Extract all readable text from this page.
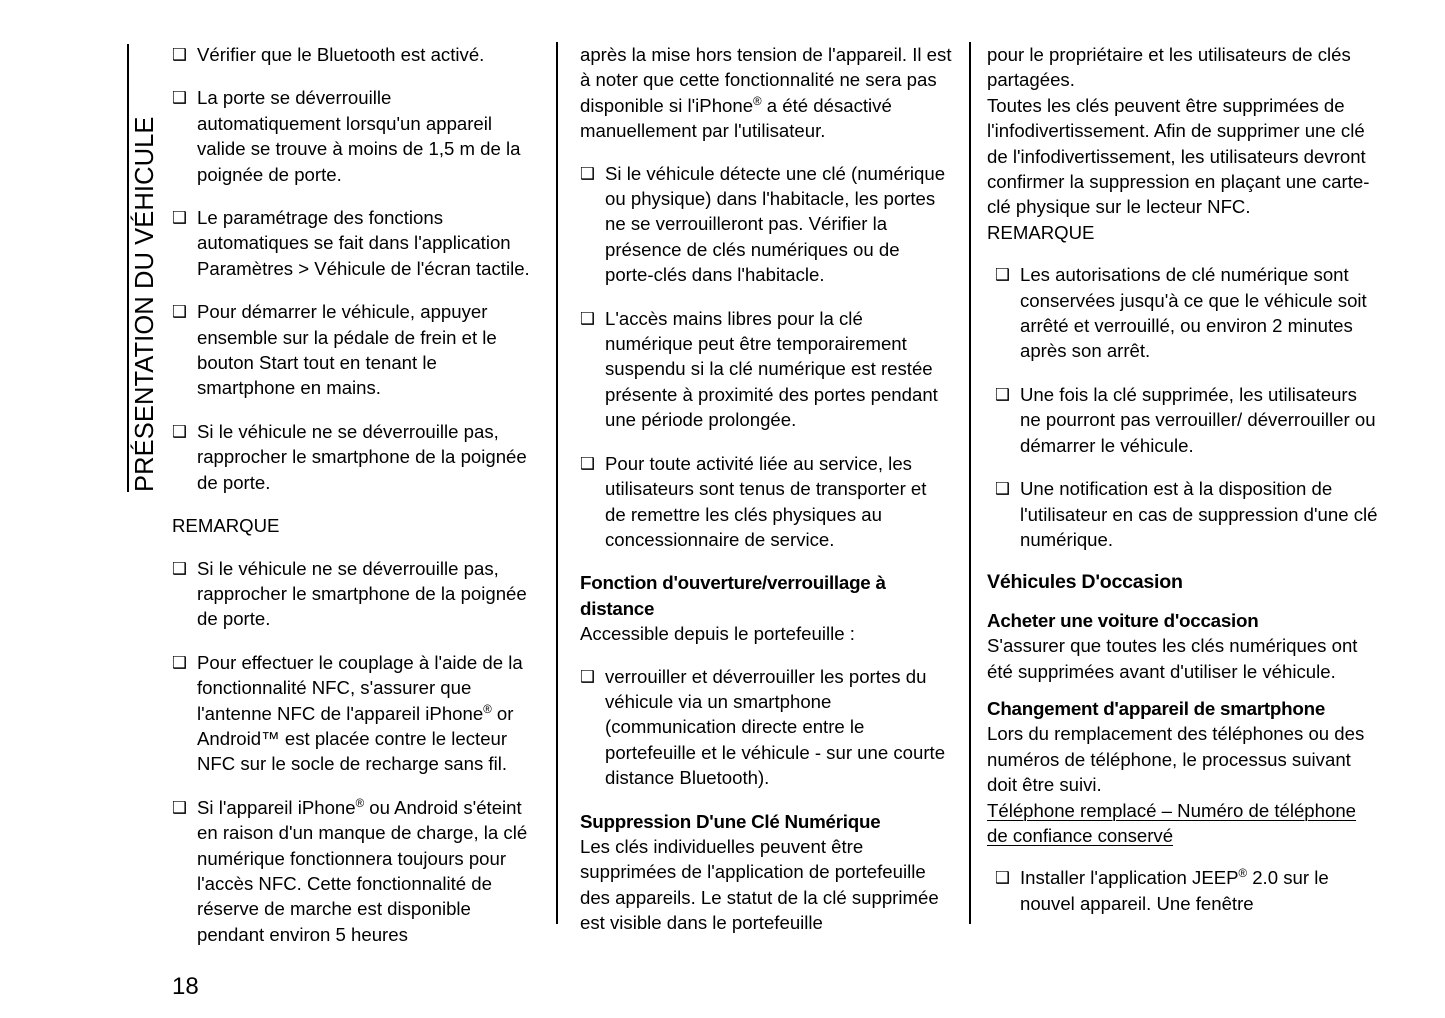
PRÉSENTATION DU VÉHICULE
❑ Vérifier que le Bluetooth est activé.
❑ La porte se déverrouille automatiquement lorsqu'un appareil valide se trouve à moins de 1,5 m de la poignée de porte.
❑ Le paramétrage des fonctions automatiques se fait dans l'application Paramètres > Véhicule de l'écran tactile.
❑ Pour démarrer le véhicule, appuyer ensemble sur la pédale de frein et le bouton Start tout en tenant le smartphone en mains.
❑ Si le véhicule ne se déverrouille pas, rapprocher le smartphone de la poignée de porte.
REMARQUE
❑ Si le véhicule ne se déverrouille pas, rapprocher le smartphone de la poignée de porte.
❑ Pour effectuer le couplage à l'aide de la fonctionnalité NFC, s'assurer que l'antenne NFC de l'appareil iPhone® or Android™ est placée contre le lecteur NFC sur le socle de recharge sans fil.
❑ Si l'appareil iPhone® ou Android s'éteint en raison d'un manque de charge, la clé numérique fonctionnera toujours pour l'accès NFC. Cette fonctionnalité de réserve de marche est disponible pendant environ 5 heures
après la mise hors tension de l'appareil. Il est à noter que cette fonctionnalité ne sera pas disponible si l'iPhone® a été désactivé manuellement par l'utilisateur.
❑ Si le véhicule détecte une clé (numérique ou physique) dans l'habitacle, les portes ne se verrouilleront pas. Vérifier la présence de clés numériques ou de porte-clés dans l'habitacle.
❑ L'accès mains libres pour la clé numérique peut être temporairement suspendu si la clé numérique est restée présente à proximité des portes pendant une période prolongée.
❑ Pour toute activité liée au service, les utilisateurs sont tenus de transporter et de remettre les clés physiques au concessionnaire de service.
Fonction d'ouverture/verrouillage à distance
Accessible depuis le portefeuille :
❑ verrouiller et déverrouiller les portes du véhicule via un smartphone (communication directe entre le portefeuille et le véhicule - sur une courte distance Bluetooth).
Suppression D'une Clé Numérique
Les clés individuelles peuvent être supprimées de l'application de portefeuille des appareils. Le statut de la clé supprimée est visible dans le portefeuille
pour le propriétaire et les utilisateurs de clés partagées.
Toutes les clés peuvent être supprimées de l'infodivertissement. Afin de supprimer une clé de l'infodivertissement, les utilisateurs devront confirmer la suppression en plaçant une carte-clé physique sur le lecteur NFC.
REMARQUE
❑ Les autorisations de clé numérique sont conservées jusqu'à ce que le véhicule soit arrêté et verrouillé, ou environ 2 minutes après son arrêt.
❑ Une fois la clé supprimée, les utilisateurs ne pourront pas verrouiller/ déverrouiller ou démarrer le véhicule.
❑ Une notification est à la disposition de l'utilisateur en cas de suppression d'une clé numérique.
Véhicules D'occasion
Acheter une voiture d'occasion
S'assurer que toutes les clés numériques ont été supprimées avant d'utiliser le véhicule.
Changement d'appareil de smartphone
Lors du remplacement des téléphones ou des numéros de téléphone, le processus suivant doit être suivi.
Téléphone remplacé – Numéro de téléphone de confiance conservé
❑ Installer l'application JEEP® 2.0 sur le nouvel appareil. Une fenêtre
18
